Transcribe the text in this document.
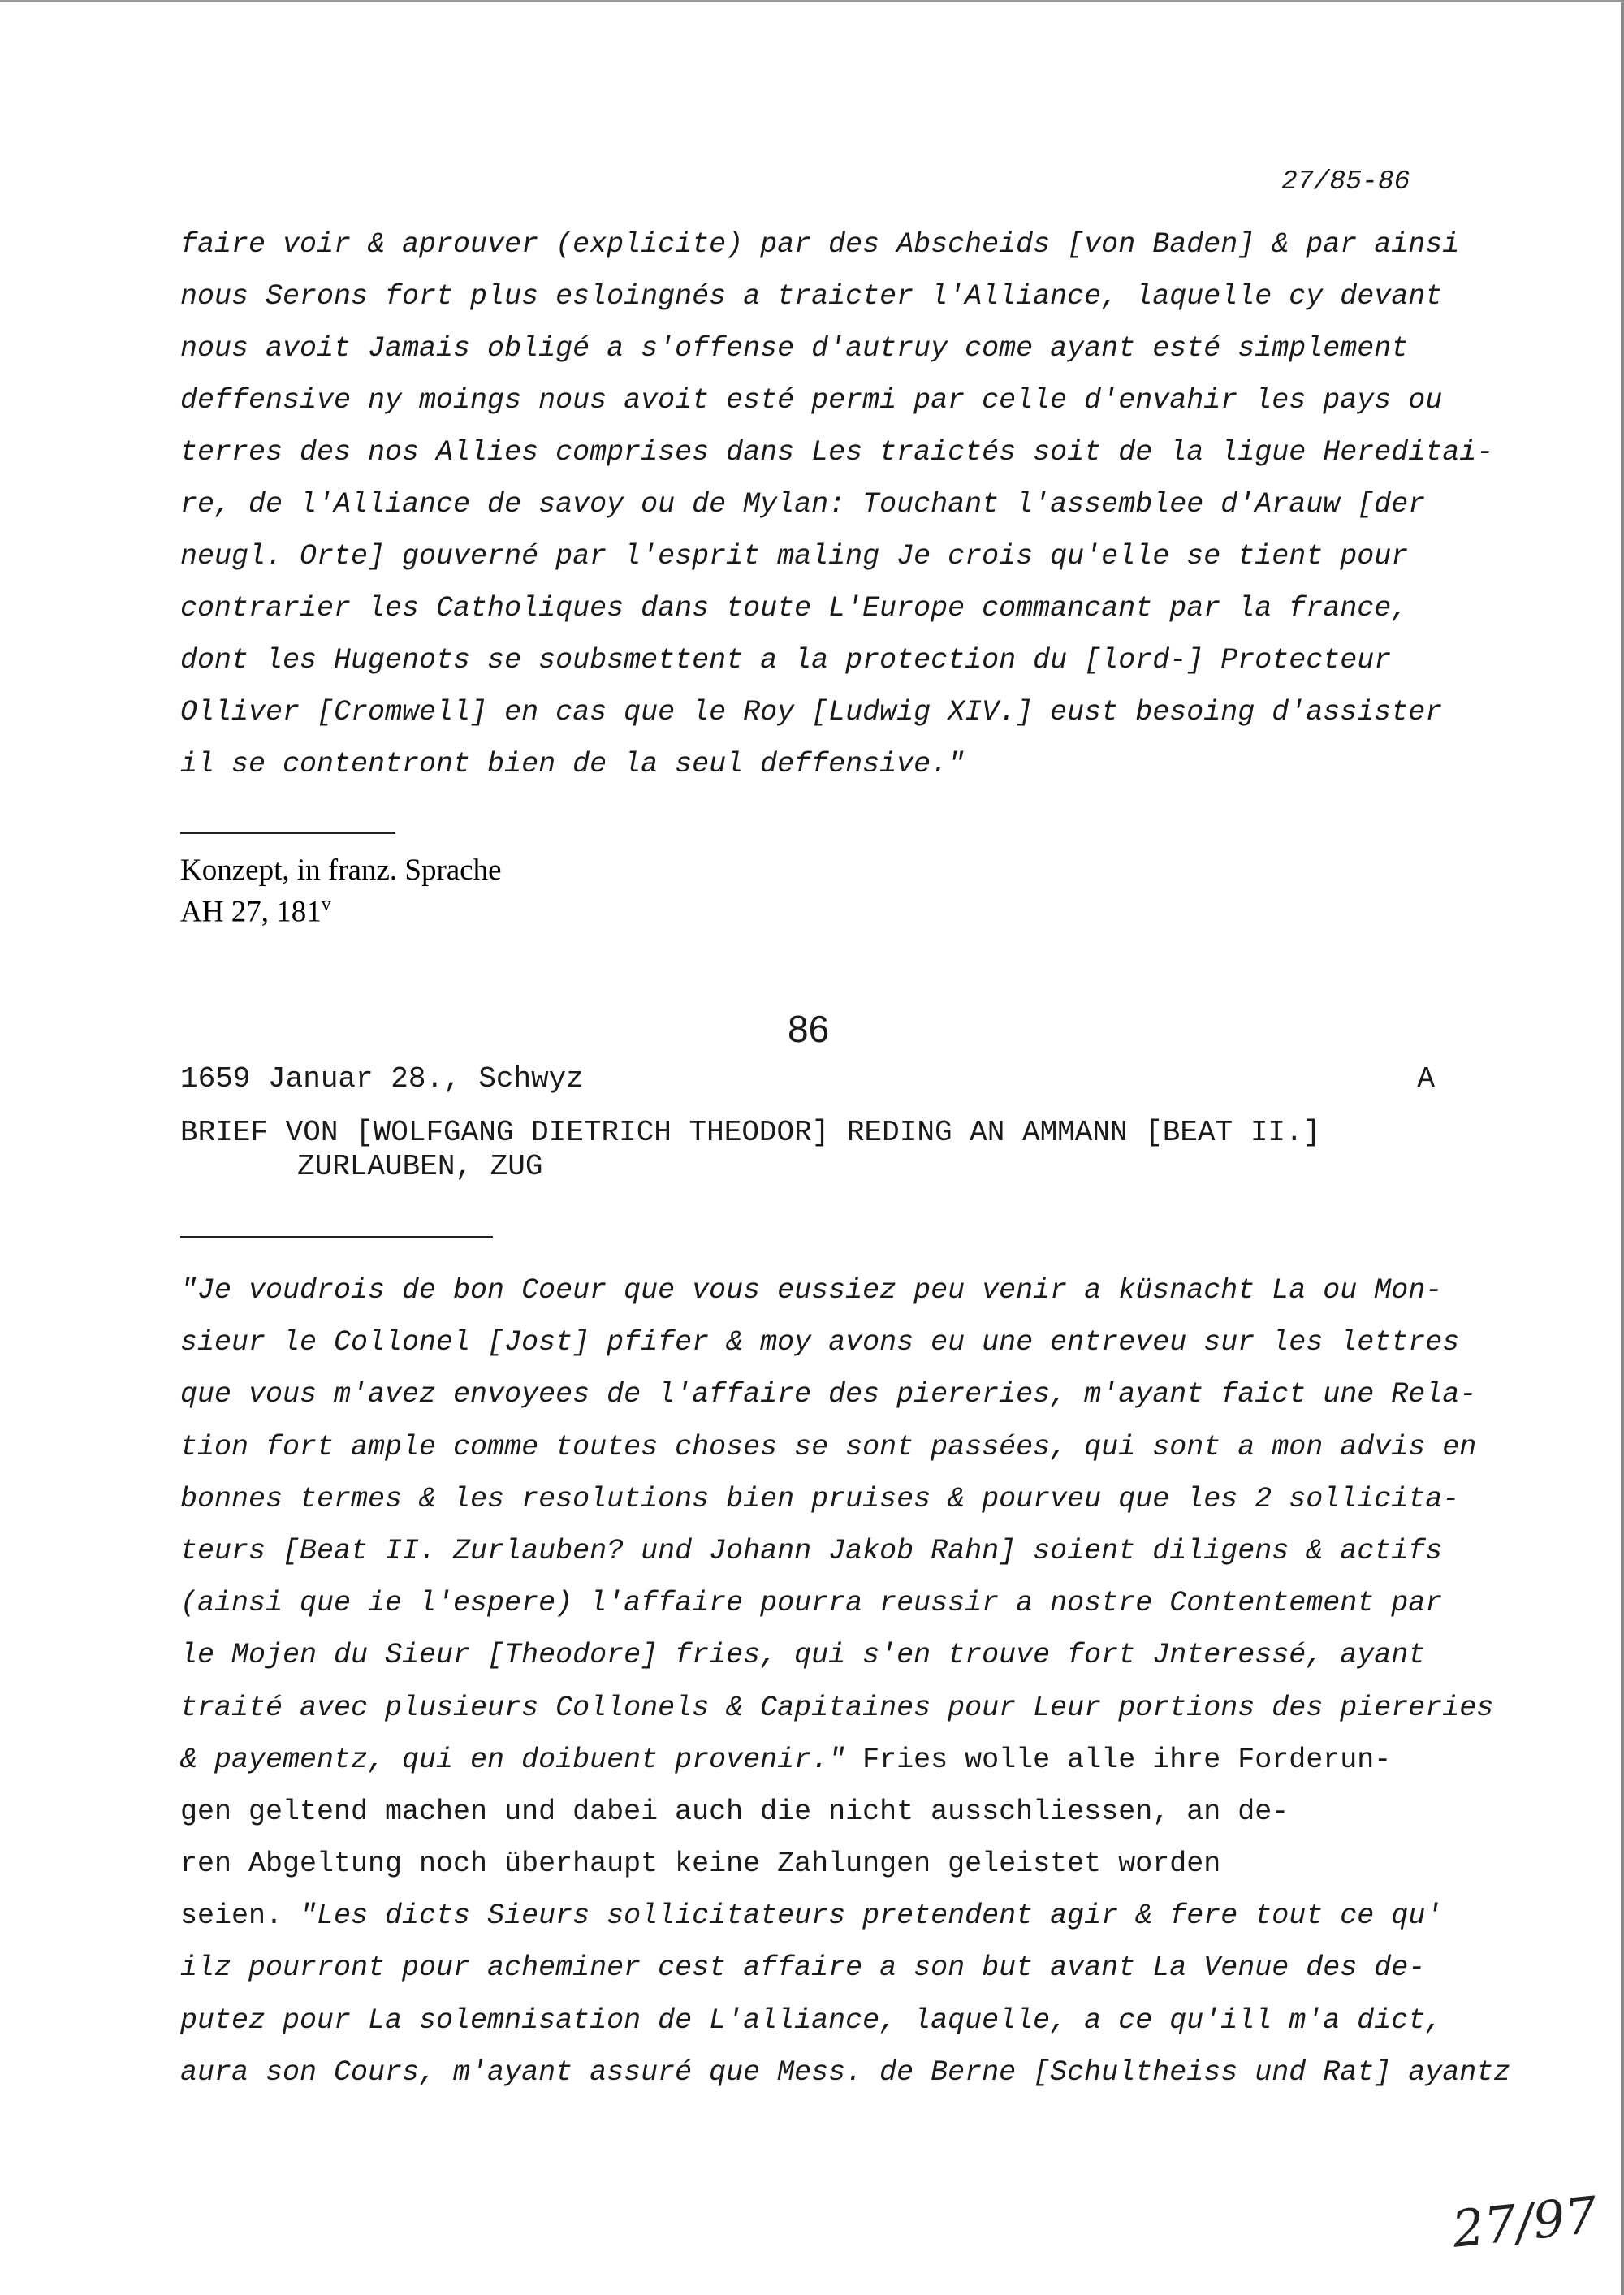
27/85-86
faire voir & aprouver (explicite) par des Abscheids [von Baden] & par ainsi
nous Serons fort plus esloingnés a traicter l'Alliance, laquelle cy devant
nous avoit Jamais obligé a s'offense d'autruy come ayant esté simplement
deffensive ny moings nous avoit esté permi par celle d'envahir les pays ou
terres des nos Allies comprises dans Les traictés soit de la ligue Hereditai-
re, de l'Alliance de savoy ou de Mylan: Touchant l'assemblee d'Arauw [der
neugl. Orte] gouverné par l'esprit maling Je crois qu'elle se tient pour
contrarier les Catholiques dans toute L'Europe commancant par la france,
dont les Hugenots se soubsmettent a la protection du [lord-] Protecteur
Olliver [Cromwell] en cas que le Roy [Ludwig XIV.] eust besoing d'assister
il se contentront bien de la seul deffensive."
Konzept, in franz. Sprache
AH 27, 181$^v$
86
1659 Januar 28., Schwyz	A
BRIEF VON [WOLFGANG DIETRICH THEODOR] REDING AN AMMANN [BEAT II.]
ZURLAUBEN, ZUG
"Je voudrois de bon Coeur que vous eussiez peu venir a küsnacht La ou Mon-
sieur le Collonel [Jost] pfifer & moy avons eu une entreveu sur les lettres
que vous m'avez envoyees de l'affaire des piereries, m'ayant faict une Rela-
tion fort ample comme toutes choses se sont passées, qui sont a mon advis en
bonnes termes & les resolutions bien pruises & pourveu que les 2 sollicita-
teurs [Beat II. Zurlauben? und Johann Jakob Rahn] soient diligens & actifs
(ainsi que ie l'espere) l'affaire pourra reussir a nostre Contentement par
le Mojen du Sieur [Theodore] fries, qui s'en trouve fort Jnteressé, ayant
traité avec plusieurs Collonels & Capitaines pour Leur portions des piereries
& payementz, qui en doibuent provenir." Fries wolle alle ihre Forderun-
gen geltend machen und dabei auch die nicht ausschliessen, an de-
ren Abgeltung noch überhaupt keine Zahlungen geleistet worden
seien. "Les dicts Sieurs sollicitateurs pretendent agir & fere tout ce qu'
ilz pourront pour acheminer cest affaire a son but avant La Venue des de-
putez pour La solemnisation de L'alliance, laquelle, a ce qu'ill m'a dict,
aura son Cours, m'ayant assuré que Mess. de Berne [Schultheiss und Rat] ayantz
27/97
